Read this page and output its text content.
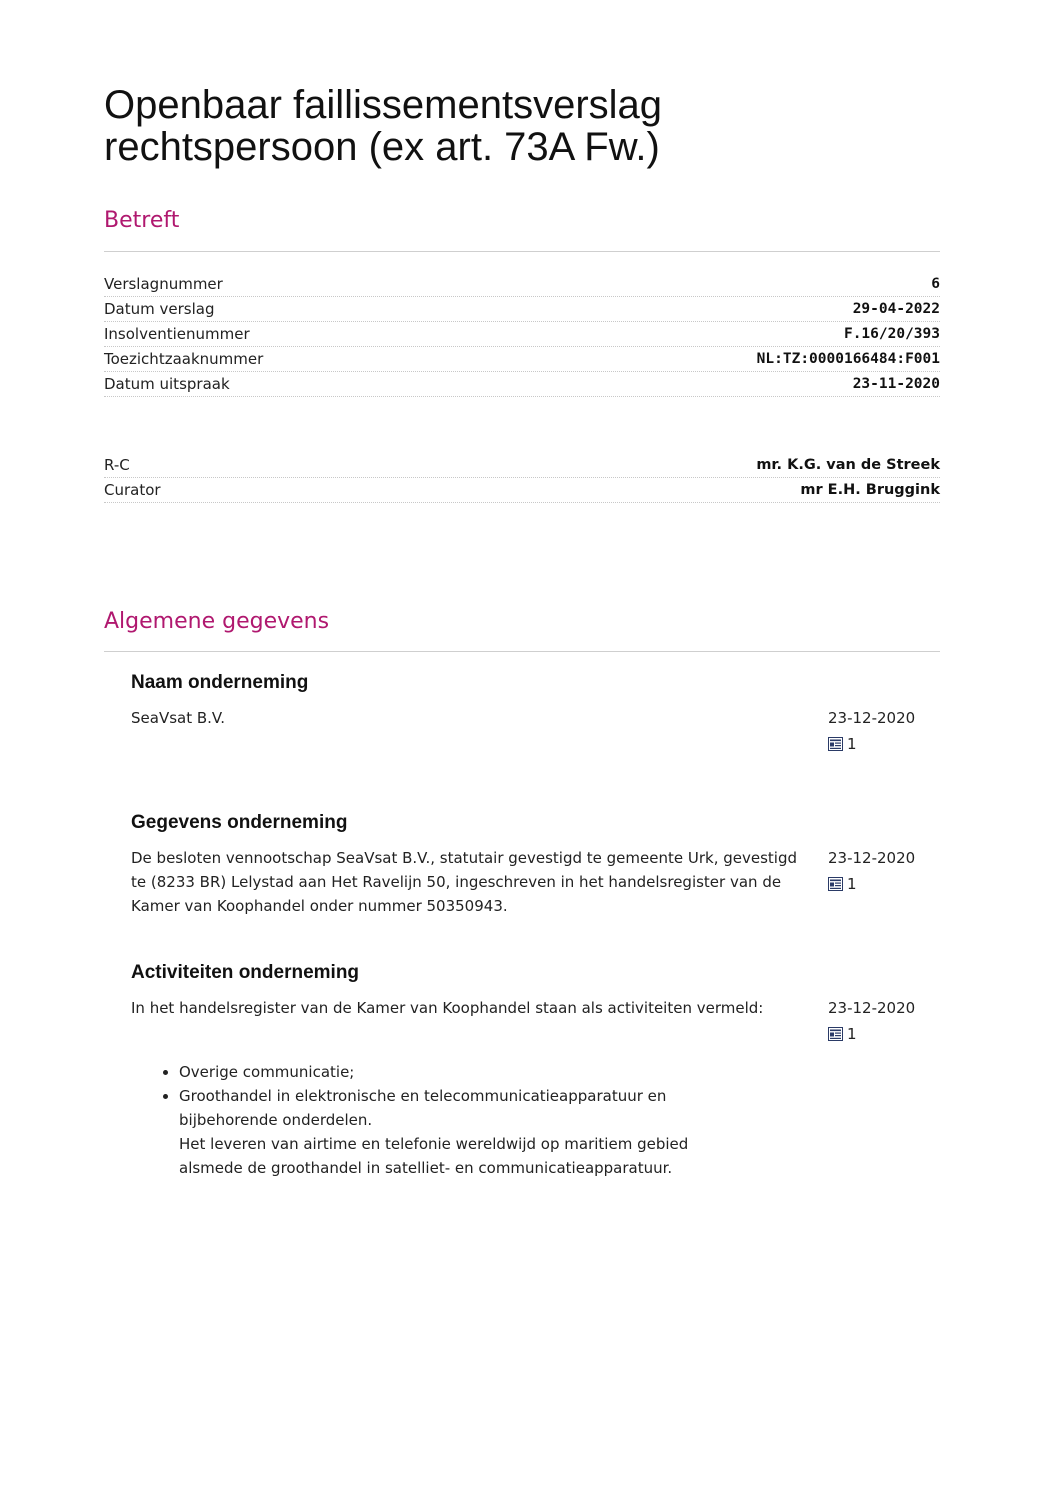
Openbaar faillissementsverslag
rechtspersoon (ex art. 73A Fw.)
Betreft
Verslagnummer	6
Datum verslag	29-04-2022
Insolventienummer	F.16/20/393
Toezichtzaaknummer	NL:TZ:0000166484:F001
Datum uitspraak	23-11-2020
R-C	mr. K.G. van de Streek
Curator	mr E.H. Bruggink
Algemene gegevens
Naam onderneming
SeaVsat B.V.	23-12-2020
1
Gegevens onderneming
De besloten vennootschap SeaVsat B.V., statutair gevestigd te gemeente Urk, gevestigd te (8233 BR) Lelystad aan Het Ravelijn 50, ingeschreven in het handelsregister van de Kamer van Koophandel onder nummer 50350943.
23-12-2020
1
Activiteiten onderneming
In het handelsregister van de Kamer van Koophandel staan als activiteiten vermeld:	23-12-2020
1
• Overige communicatie;
• Groothandel in elektronische en telecommunicatieapparatuur en bijbehorende onderdelen.
Het leveren van airtime en telefonie wereldwijd op maritiem gebied alsmede de groothandel in satelliet- en communicatieapparatuur.
